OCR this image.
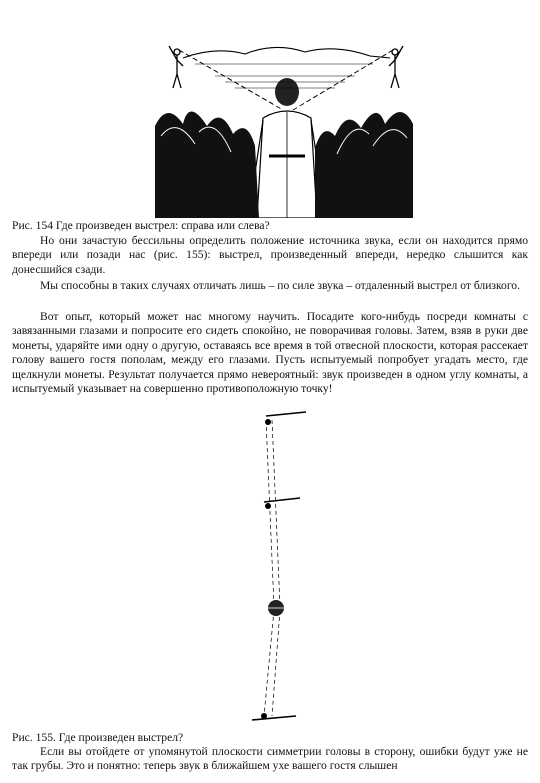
Рис. 154 Где произведен выстрел: справа или слева?

Но они зачастую бессильны определить положение источника звука, если он находится прямо впереди или позади нас (рис. 155): выстрел, произведенный впереди, нередко слышится как донесшийся сзади.

Мы способны в таких случаях отличать лишь – по силе звука – отдаленный выстрел от близкого.

Вот опыт, который может нас многому научить. Посадите кого-нибудь посреди комнаты с завязанными глазами и попросите его сидеть спокойно, не поворачивая головы. Затем, взяв в руки две монеты, ударяйте ими одну о другую, оставаясь все время в той отвесной плоскости, которая рассекает голову вашего гостя пополам, между его глазами. Пусть испытуемый попробует угадать место, где щелкнули монеты. Результат получается прямо невероятный: звук произведен в одном углу комнаты, а испытуемый указывает на совершенно противоположную точку!

Рис. 155. Где произведен выстрел?

Если вы отойдете от упомянутой плоскости симметрии головы в сторону, ошибки будут уже не так грубы. Это и понятно: теперь звук в ближайшем ухе вашего гостя слышен
